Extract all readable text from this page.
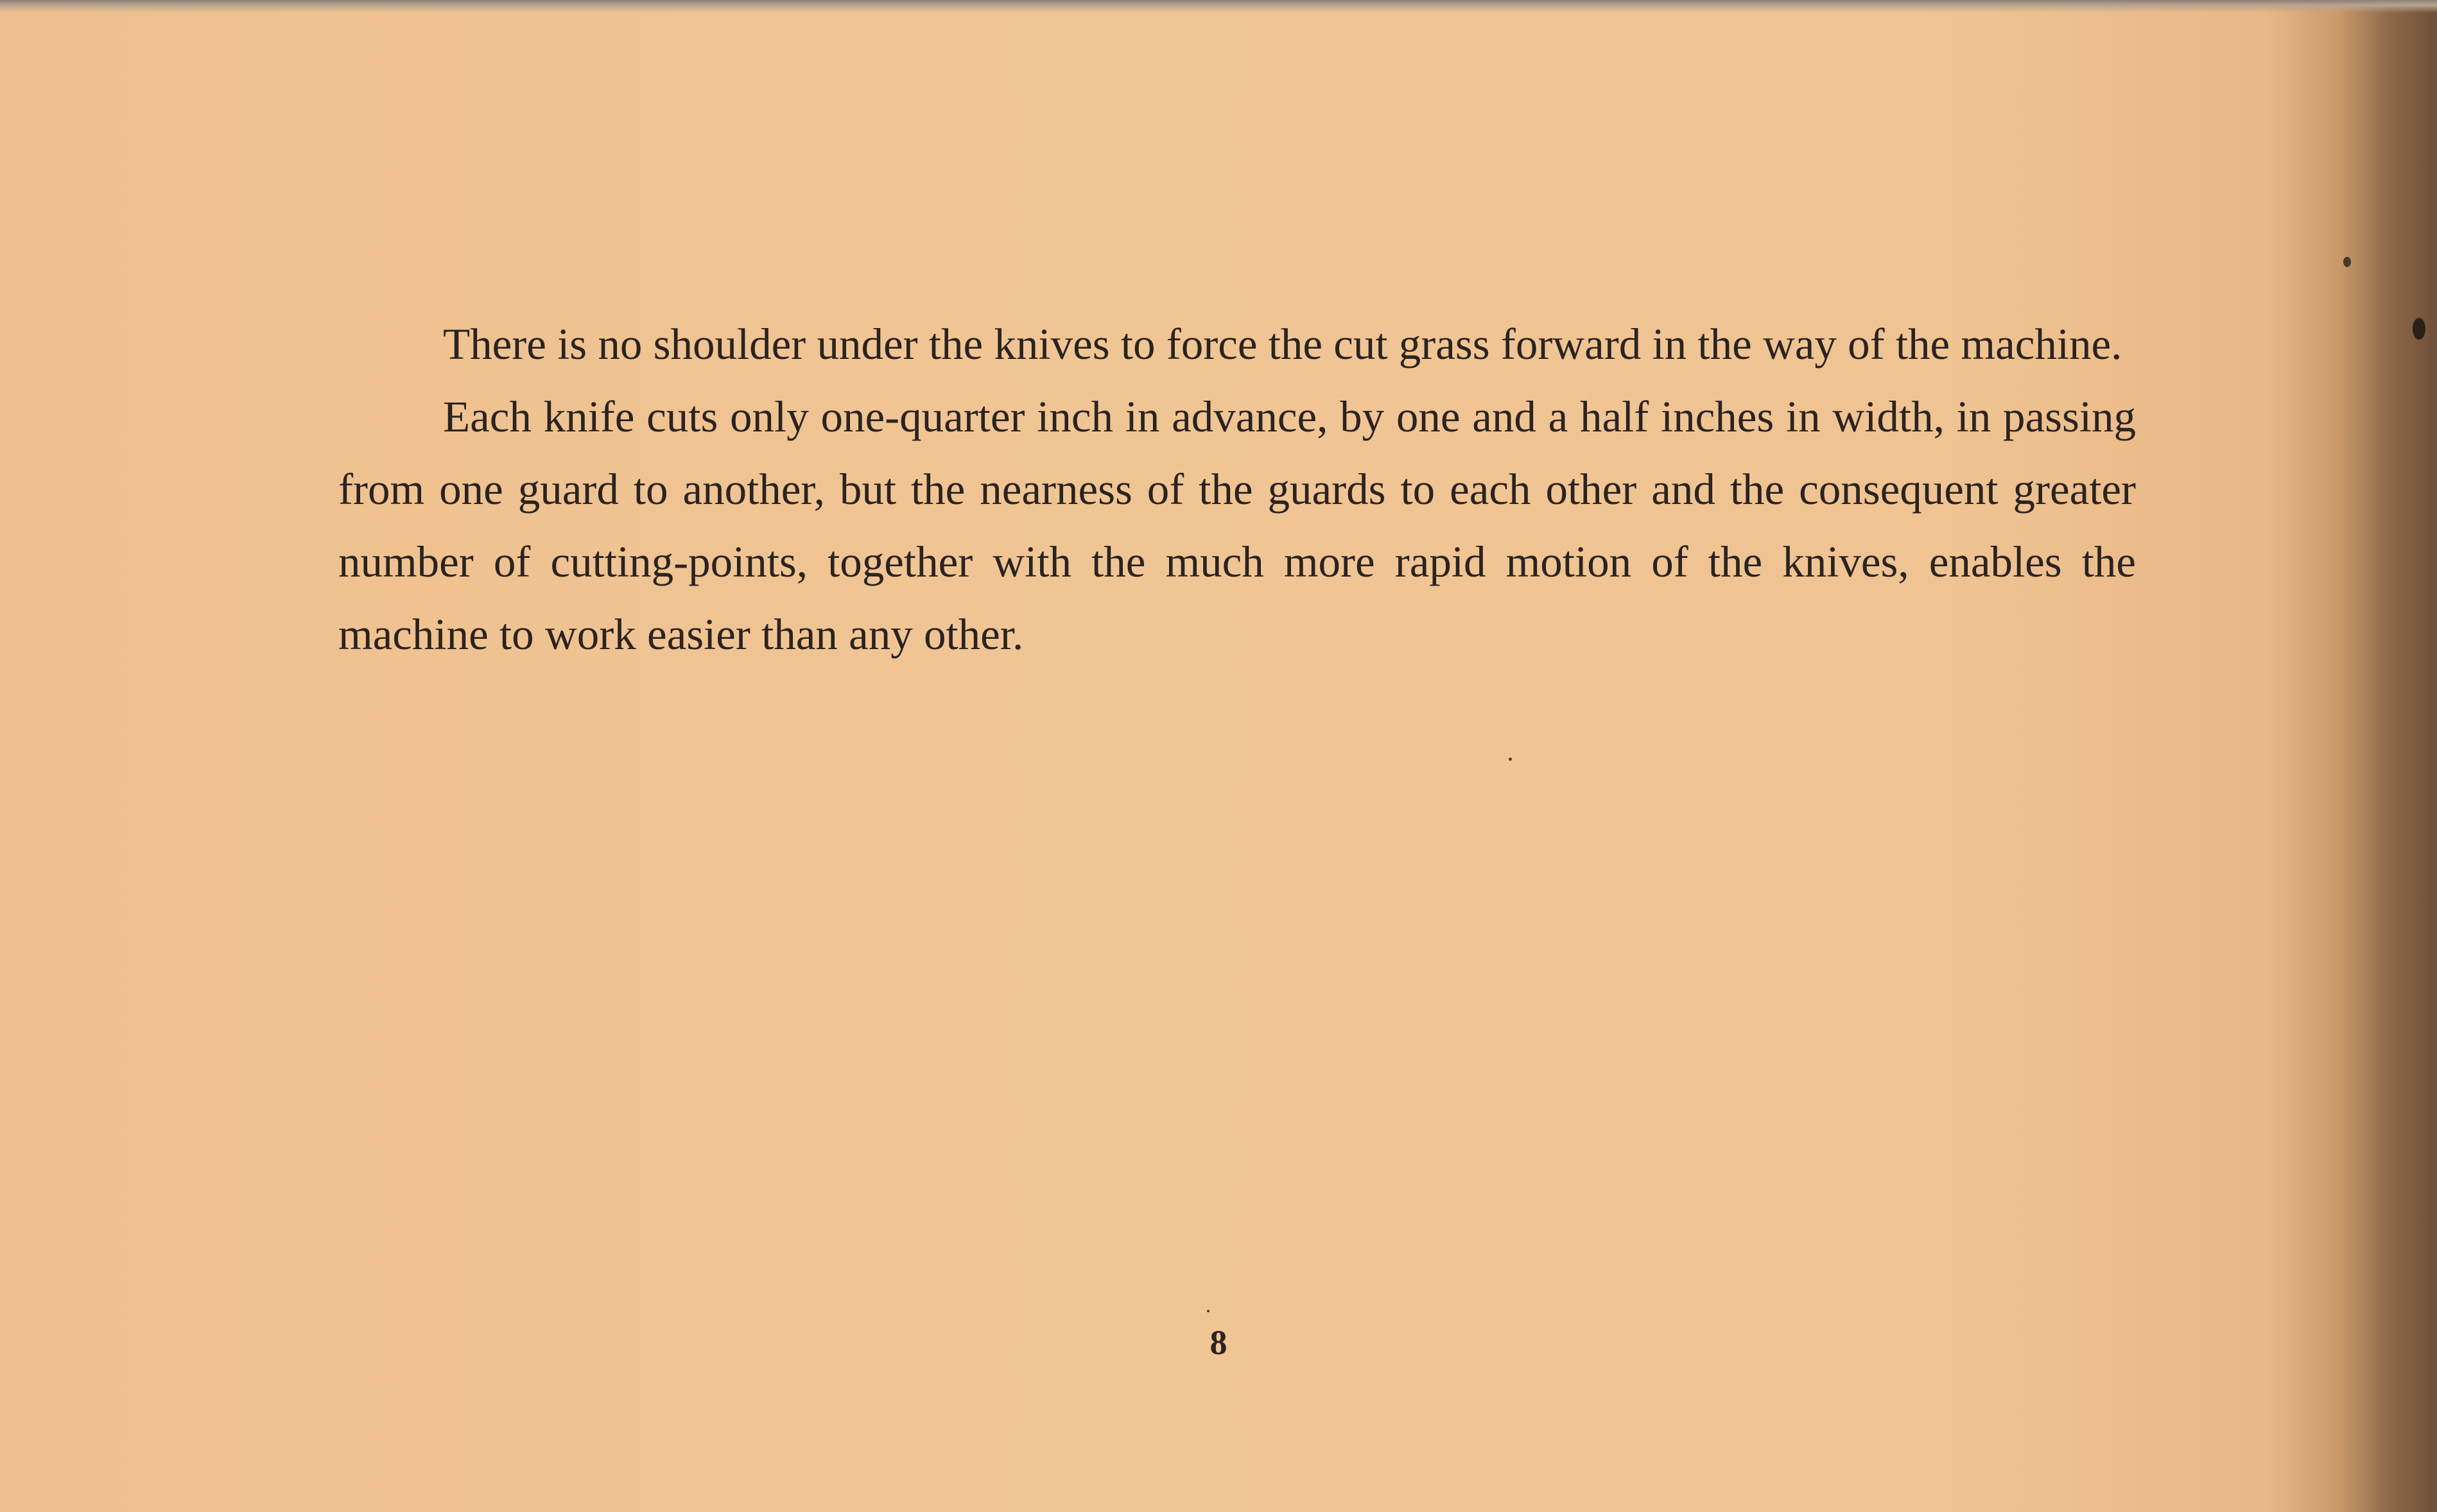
There is no shoulder under the knives to force the cut grass forward in the way of the machine.

Each knife cuts only one-quarter inch in advance, by one and a half inches in width, in passing from one guard to another, but the nearness of the guards to each other and the consequent greater number of cutting-points, together with the much more rapid motion of the knives, enables the machine to work easier than any other.

8
